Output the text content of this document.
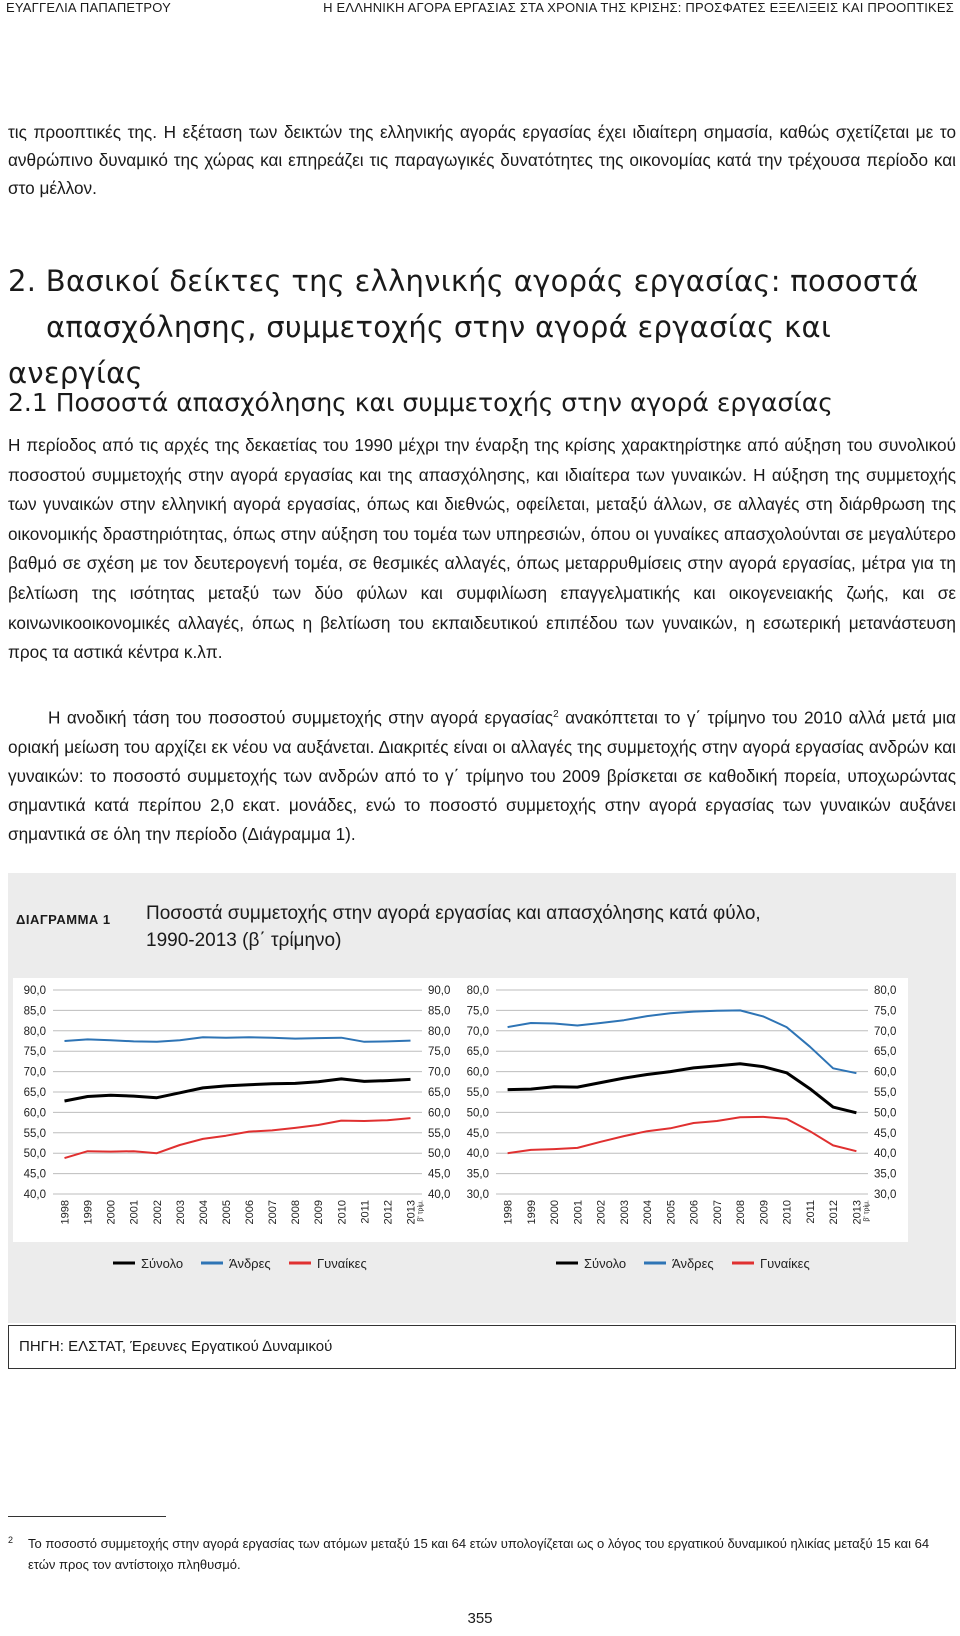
ΕΥΑΓΓΕΛΙΑ ΠΑΠΑΠΕΤΡΟΥ	Η ΕΛΛΗΝΙΚΗ ΑΓΟΡΑ ΕΡΓΑΣΙΑΣ ΣΤΑ ΧΡΟΝΙΑ ΤΗΣ ΚΡΙΣΗΣ: ΠΡΟΣΦΑΤΕΣ ΕΞΕΛΙΞΕΙΣ ΚΑΙ ΠΡΟΟΠΤΙΚΕΣ

τις προοπτικές της. Η εξέταση των δεικτών της ελληνικής αγοράς εργασίας έχει ιδιαίτερη σημασία, καθώς σχετίζεται με το ανθρώπινο δυναμικό της χώρας και επηρεάζει τις παραγωγικές δυνατότητες της οικονομίας κατά την τρέχουσα περίοδο και στο μέλλον.

2. Βασικοί δείκτες της ελληνικής αγοράς εργασίας: ποσοστά
απασχόλησης, συμμετοχής στην αγορά εργασίας και ανεργίας
2.1 Ποσοστά απασχόλησης και συμμετοχής στην αγορά εργασίας

Η περίοδος από τις αρχές της δεκαετίας του 1990 μέχρι την έναρξη της κρίσης χαρακτηρίστηκε από αύξηση του συνολικού ποσοστού συμμετοχής στην αγορά εργασίας και της απασχόλησης, και ιδιαίτερα των γυναικών. Η αύξηση της συμμετοχής των γυναικών στην ελληνική αγορά εργασίας, όπως και διεθνώς, οφείλεται, μεταξύ άλλων, σε αλλαγές στη διάρθρωση της οικονομικής δραστηριότητας, όπως στην αύξηση του τομέα των υπηρεσιών, όπου οι γυναίκες απασχολούνται σε μεγαλύτερο βαθμό σε σχέση με τον δευτερογενή τομέα, σε θεσμικές αλλαγές, όπως μεταρρυθμίσεις στην αγορά εργασίας, μέτρα για τη βελτίωση της ισότητας μεταξύ των δύο φύλων και συμφιλίωση επαγγελματικής και οικογενειακής ζωής, και σε κοινωνικοοικονομικές αλλαγές, όπως η βελτίωση του εκπαιδευτικού επιπέδου των γυναικών, η εσωτερική μετανάστευση προς τα αστικά κέντρα κ.λπ.

Η ανοδική τάση του ποσοστού συμμετοχής στην αγορά εργασίας$^2$ ανακόπτεται το γ΄ τρίμηνο του 2010 αλλά μετά μια οριακή μείωση του αρχίζει εκ νέου να αυξάνεται. Διακριτές είναι οι αλλαγές της συμμετοχής στην αγορά εργασίας ανδρών και γυναικών: το ποσοστό συμμετοχής των ανδρών από το γ΄ τρίμηνο του 2009 βρίσκεται σε καθοδική πορεία, υποχωρώντας σημαντικά κατά περίπου 2,0 εκατ. μονάδες, ενώ το ποσοστό συμμετοχής στην αγορά εργασίας των γυναικών αυξάνει σημαντικά σε όλη την περίοδο (Διάγραμμα 1).

ΔΙΑΓΡΑΜΜΑ 1 Ποσοστά συμμετοχής στην αγορά εργασίας και απασχόλησης κατά φύλο,
1990-2013 (β΄ τρίμηνο)
90,0	90,0
85,0	85,0
80,0	80,0
75,0	75,0
70,0	70,0
65,0	65,0
60,0	60,0
55,0	55,0
50,0	50,0
45,0	45,0
40,0	40,0
1998 1999 2000 2001 2002 2003 2004 2005 2006 2007 2008 2009 2010 2011 2012 2013 β' τρίμ.
Σύνολο	Άνδρες	Γυναίκες
80,0	80,0
75,0	75,0
70,0	70,0
65,0	65,0
60,0	60,0
55,0	55,0
50,0	50,0
45,0	45,0
40,0	40,0
35,0	35,0
30,0	30,0
1998 1999 2000 2001 2002 2003 2004 2005 2006 2007 2008 2009 2010 2011 2012 2013 β' τρίμ.
Σύνολο	Άνδρες	Γυναίκες
ΠΗΓΗ: ΕΛΣΤΑΤ, Έρευνες Εργατικού Δυναμικού
$^2$	Το ποσοστό συμμετοχής στην αγορά εργασίας των ατόμων μεταξύ 15 και 64 ετών υπολογίζεται ως ο λόγος του εργατικού δυναμικού ηλικίας μεταξύ 15 και 64 ετών προς τον αντίστοιχο πληθυσμό.
355
